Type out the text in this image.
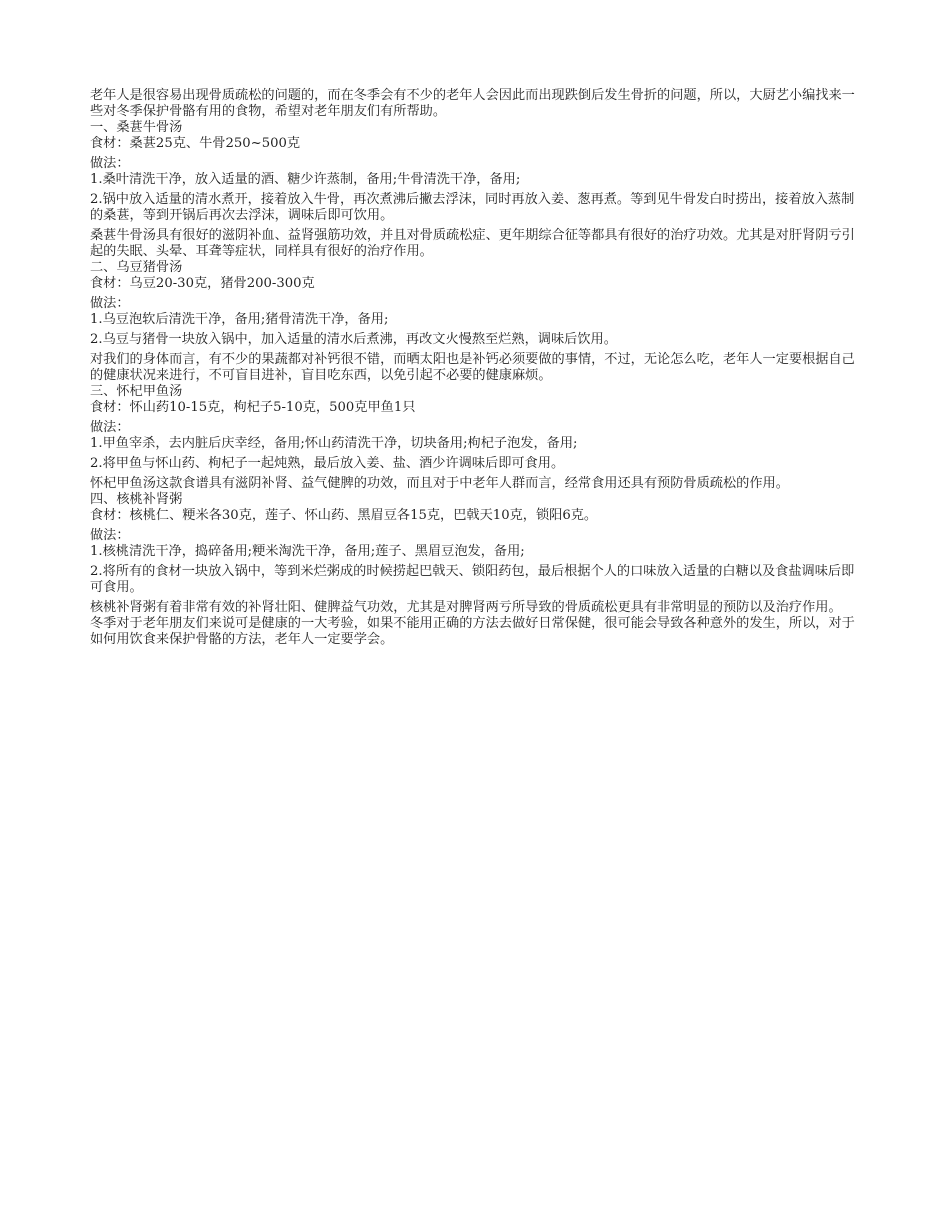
老年人是很容易出现骨质疏松的问题的，而在冬季会有不少的老年人会因此而出现跌倒后发生骨折的问题，所以，大厨艺小编找来一些对冬季保护骨骼有用的食物，希望对老年朋友们有所帮助。

一、桑葚牛骨汤

食材：桑葚25克、牛骨250~500克

做法：

1.桑叶清洗干净，放入适量的酒、糖少许蒸制，备用;牛骨清洗干净，备用;

2.锅中放入适量的清水煮开，接着放入牛骨，再次煮沸后撇去浮沫，同时再放入姜、葱再煮。等到见牛骨发白时捞出，接着放入蒸制的桑葚，等到开锅后再次去浮沫，调味后即可饮用。

桑葚牛骨汤具有很好的滋阴补血、益肾强筋功效，并且对骨质疏松症、更年期综合征等都具有很好的治疗功效。尤其是对肝肾阴亏引起的失眠、头晕、耳聋等症状，同样具有很好的治疗作用。

二、乌豆猪骨汤

食材：乌豆20-30克，猪骨200-300克

做法：

1.乌豆泡软后清洗干净，备用;猪骨清洗干净，备用;

2.乌豆与猪骨一块放入锅中，加入适量的清水后煮沸，再改文火慢熬至烂熟，调味后饮用。

对我们的身体而言，有不少的果蔬都对补钙很不错，而晒太阳也是补钙必须要做的事情，不过，无论怎么吃，老年人一定要根据自己的健康状况来进行，不可盲目进补，盲目吃东西，以免引起不必要的健康麻烦。

三、怀杞甲鱼汤

食材：怀山药10-15克，枸杞子5-10克，500克甲鱼1只

做法：

1.甲鱼宰杀，去内脏后庆幸经，备用;怀山药清洗干净，切块备用;枸杞子泡发，备用;

2.将甲鱼与怀山药、枸杞子一起炖熟，最后放入姜、盐、酒少许调味后即可食用。

怀杞甲鱼汤这款食谱具有滋阴补肾、益气健脾的功效，而且对于中老年人群而言，经常食用还具有预防骨质疏松的作用。

四、核桃补肾粥

食材：核桃仁、粳米各30克，莲子、怀山药、黑眉豆各15克，巴戟天10克，锁阳6克。

做法：

1.核桃清洗干净，捣碎备用;粳米淘洗干净，备用;莲子、黑眉豆泡发，备用;

2.将所有的食材一块放入锅中，等到米烂粥成的时候捞起巴戟天、锁阳药包，最后根据个人的口味放入适量的白糖以及食盐调味后即可食用。

核桃补肾粥有着非常有效的补肾壮阳、健脾益气功效，尤其是对脾肾两亏所导致的骨质疏松更具有非常明显的预防以及治疗作用。

冬季对于老年朋友们来说可是健康的一大考验，如果不能用正确的方法去做好日常保健，很可能会导致各种意外的发生，所以，对于如何用饮食来保护骨骼的方法，老年人一定要学会。
